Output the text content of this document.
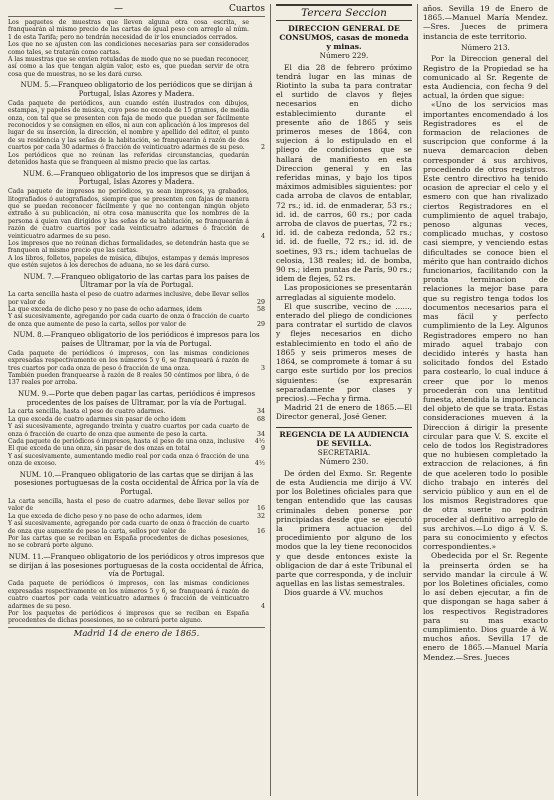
—	Cuartos
Los paquetes de muestras que lleven alguna otra cosa escrita, se franquearán al mismo precio de las cartas de igual peso con arreglo al núm. 1 de esta Tarifa; pero no tendrán necesidad de ir los enunciados cerrados.
Los que no se ajusten con las condiciones necesarias para ser considerados como tales, se tratarán como cartas.
A las muestras que se envíen rotuladas de modo que no se puedan reconocer, así como a las que tengan algún valor, esto es, que puedan servir de otra cosa que de muestras, no se les dará curso.
NUM. 5.—Franqueo obligatorio de los periódicos que se dirijan á Portugal, Islas Azores y Madera.
Cada paquete de periódicos, aun cuando estén ilustrados con dibujos, estampas, y papeles de música, cuyo peso no exceda de 15 gramos, de media onza, con tal que se presenten con faja de modo que puedan ser fácilmente reconocidos y se consignen en ellos, ni aun con aplicación á los impresos del lugar de su inserción, la dirección, el nombre y apellido del editor, el punto de su residencia y las señas de la habitación, se franquearán á razón de dos cuartos por cada 30 adarmes ó fracción de veinticuatro adarmes de su peso.	2
Los periódicos que no reúnan las referidas circunstancias, quedarán detenidos hasta que se franqueen al mismo precio que las cartas.
NUM. 6.—Franqueo obligatorio de los impresos que se dirijan á Portugal, Islas Azores y Madera.
Cada paquete de impresos no periódicos, ya sean impresos, ya grabados, litografiados ó autografiados, siempre que se presenten con fajas de manera que se puedan reconocer fácilmente y que no contengan ningún objeto extraño á su publicación, ni otra cosa manuscrita que los nombres de la persona á quien van dirigidos y las señas de su habitación, se franquearán á razón de cuatro cuartos por cada veinticuatro adarmes ó fracción de veinticuatro adarmes de su peso.	4
Los impresos que no reúnan dichas formalidades, se detendrán hasta que se franqueen al mismo precio que las cartas.
A los libros, folletos, papeles de música, dibujos, estampas y demás impresos que estén sujetos á los derechos de aduana, no se les dará curso.
NUM. 7.—Franqueo obligatorio de las cartas para los países de Ultramar por la vía de Portugal.
La carta sencilla hasta el peso de cuatro adarmes inclusive, debe llevar sellos por valor de	29
La que exceda de dicho peso y no pase de ocho adarmes, idem	58
Y así sucesivamente, agregando por cada cuarto de onza ó fracción de cuarto de onza que aumente de peso la carta, sellos por valor de	29
NUM. 8.—Franqueo obligatorio de los periódicos é impresos para los países de Ultramar, por la vía de Portugal.
Cada paquete de periódicos ó impresos, con las mismas condiciones expresadas respectivamente en los números 5 y 6, se franqueará á razón de tres cuartos por cada onza de peso ó fracción de una onza.	3
También pueden franquearse á razón de 8 reales 50 céntimos por libra, ó de 137 reales por arroba.
NUM. 9.—Porte que deben pagar las cartas, periódicos é impresos procedentes de los países de Ultramar, por la vía de Portugal.
La carta sencilla, hasta el peso de cuatro adarmes.	34
La que exceda de cuatro adarmes sin pasar de ocho idem	68
Y así sucesivamente, agregando treinta y cuatro cuartos por cada cuarto de onza ó fracción de cuarto de onza que aumente de peso la carta.	34
Cada paquete de periódicos ó impresos, hasta el peso de una onza, inclusive	4½
El que exceda de una onza, sin pasar de dos onzas en total	9
Y así sucesivamente, aumentando medio real por cada onza ó fracción de una onza de exceso.	4½
NUM. 10.—Franqueo obligatorio de las cartas que se dirijan á las posesiones portuguesas de la costa occidental de África por la vía de Portugal.
La carta sencilla, hasta el peso de cuatro adarmes, debe llevar sellos por valor de	16
La que exceda de dicho peso y no pase de ocho adarmes, idem	32
Y así sucesivamente, agregando por cada cuarto de onza ó fracción de cuarto de onza que aumente de peso la carta, sellos por valor de	16
Por las cartas que se reciban en España procedentes de dichas posesiones, no se cobrará porte alguno.
NUM. 11.—Franqueo obligatorio de los periódicos y otros impresos que se dirijan á las posesiones portuguesas de la costa occidental de África, vía de Portugal.
Cada paquete de periódicos ó impresos, con las mismas condiciones expresadas respectivamente en los números 5 y 6, se franqueará á razón de cuatro cuartos por cada veinticuatro adarmes ó fracción de veinticuatro adarmes de su peso.	4
Por los paquetes de periódicos é impresos que se reciban en España procedentes de dichas posesiones, no se cobrará porte alguno.
Madrid 14 de enero de 1865.
Tercera Seccion
DIRECCION GENERAL DE CONSUMOS, casas de moneda y minas.
Número 229.

El dia 28 de febrero próximo tendrá lugar en las minas de Riotinto la suba ta para contratar el surtido de clavos y flejes necesarios en dicho establecimiento durante el presente año de 1865 y seis primeros meses de 1864, con sujecion á lo estipulado en el pliego de condiciones que se hallará de manifiesto en esta Direccion general y en las referidas minas, y bajo los tipos máximos admisibles siguientes: por cada arroba de clavos de entablar, 72 rs.; id. id. de enmaderar, 53 rs.; id. id. de carros, 60 rs.; por cada arroba de clavos de puertas, 72 rs.; id. id. de cabeza redonda, 52 rs.; id. id. de fuelle, 72 rs.; id. id. de soetines, 93 rs.; idem tachuelas de celosia, 138 reales; id. de bomba, 90 rs.; idem puntas de París, 90 rs.; idem de flejes, 52 rs.

Las proposiciones se presentarán arregladas al siguiente modelo.

El que suscribe, vecino de ......, enterado del pliego de condiciones para contratar el surtido de clavos y flejes necesarios en dicho establecimiento en todo el año de 1865 y seis primeros meses de 1864, se compromete á tomar á su cargo este surtido por los precios siguientes: (se expresarán separadamente por clases y precios).—Fecha y firma.

Madrid 21 de enero de 1865.—El Director general, José Gener.

REGENCIA DE LA AUDIENCIA DE SEVILLA.
SECRETARIA.
Número 230.

De órden del Exmo. Sr. Regente de esta Audiencia me dirijo á VV. por los Boletines oficiales para que tengan entendido que las causas criminales deben ponerse por principiadas desde que se ejecutó la primera actuacion del procedimiento por alguno de los modos que la ley tiene reconocidos y que desde entonces existe la obligacion de dar á este Tribunal el parte que corresponda, y de incluir aquellas en las listas semestrales.

Dios guarde á VV. muchos

años. Sevilla 19 de Enero de 1865.—Manuel María Mendez.—Sres. Jueces de primera instancia de este territorio.

Número 213.

Por la Direccion general del Registro de la Propiedad se ha comunicado al Sr. Regente de esta Audiencia, con fecha 9 del actual, la órden que sigue:

«Uno de los servicios mas importantes encomendado á los Registradores es el de formacion de relaciones de suscripcion que conforme á la nueva demarcacion deben corresponder á sus archivos, procediendo de otros registros. Este centro directivo ha tenido ocasion de apreciar el celo y el esmero con que han rivalizado ciertos Registradores en el cumplimiento de aquel trabajo, penoso algunas veces, complicado muchas, y costoso casi siempre, y venciendo estas dificultades se conoce bien el mérito que han contraído dichos funcionarios, facilitando con la pronta terminacion de relaciones la mejor base para que su registro tenga todos los documentos necesarios para el mas fácil y perfecto cumplimiento de la Ley. Algunos Registradores empero no han mirado aquel trabajo con decidido interés y hasta han solicitado fondos del Estado para costearlo, lo cual induce á creer que por lo menos procederán con una lentitud funesta, atendida la importancia del objeto de que se trata. Estas consideraciones mueven á la Direccion á dirigir la presente circular para que V. S. excite el celo de todos los Registradores que no hubiesen completado la extraccion de relaciones, á fin de que aceleren todo lo posible dicho trabajo en interés del servicio público y aun en el de los mismos Registradores que de otra suerte no podrán proceder al definitivo arreglo de sus archivos.—Lo digo á V. S. para su conocimiento y efectos correspondientes.»

Obedecida por el Sr. Regente la preinserta órden se ha servido mandar la circule á W. por los Boletines oficiales, como lo así deben ejecutar, a fin de que dispongan se haga saber á los respectivos Registradores para su mas exacto cumplimiento. Dios guarde á W. muchos años. Sevilla 17 de enero de 1865.—Manuel María Mendez.—Sres. Jueces
